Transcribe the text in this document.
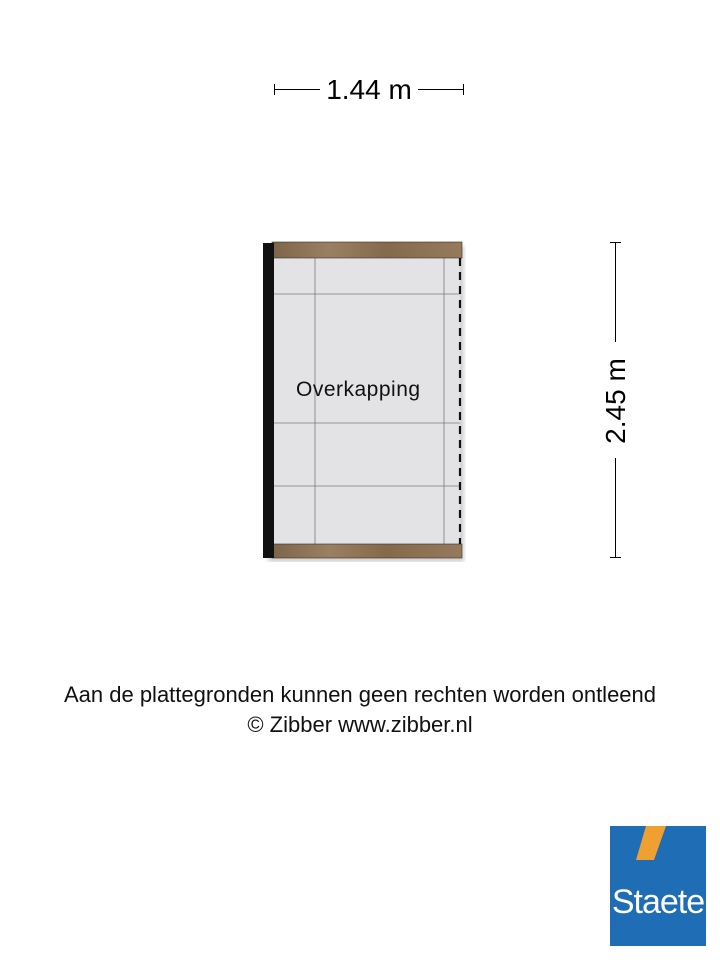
1.44 m
2.45 m
Overkapping
Aan de plattegronden kunnen geen rechten worden ontleend
© Zibber www.zibber.nl
Staete
